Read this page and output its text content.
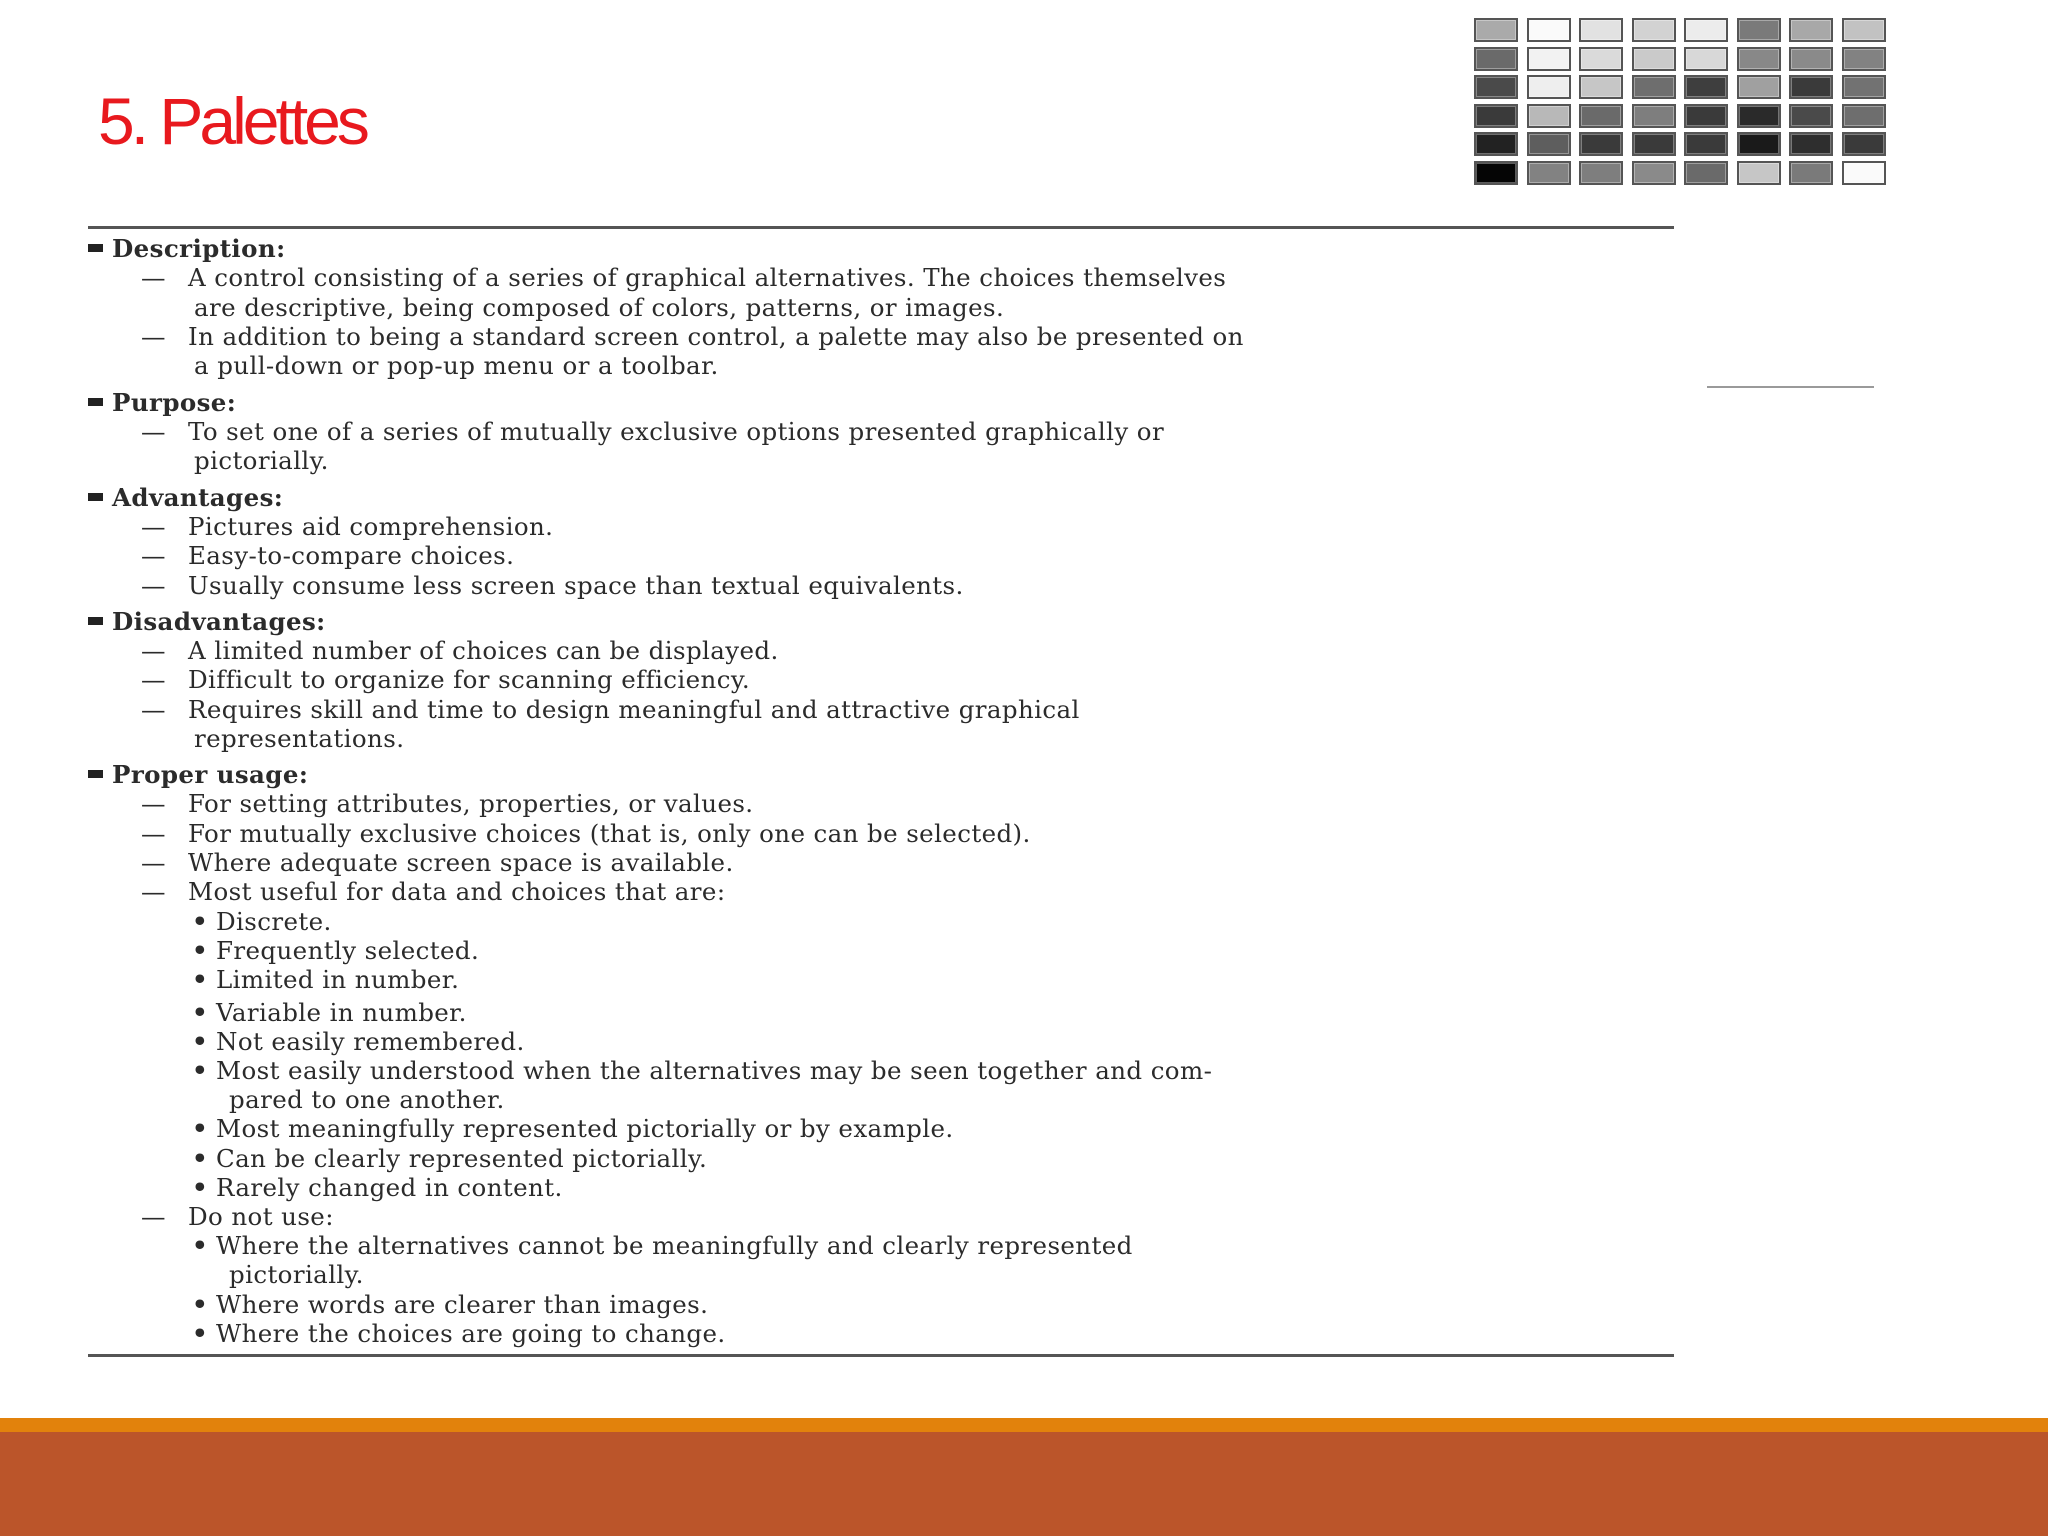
5. Palettes
Description:
— A control consisting of a series of graphical alternatives. The choices themselves
are descriptive, being composed of colors, patterns, or images.
— In addition to being a standard screen control, a palette may also be presented on
a pull-down or pop-up menu or a toolbar.
Purpose:
— To set one of a series of mutually exclusive options presented graphically or
pictorially.
Advantages:
— Pictures aid comprehension.
— Easy-to-compare choices.
— Usually consume less screen space than textual equivalents.
Disadvantages:
— A limited number of choices can be displayed.
— Difficult to organize for scanning efficiency.
— Requires skill and time to design meaningful and attractive graphical
representations.
Proper usage:
— For setting attributes, properties, or values.
— For mutually exclusive choices (that is, only one can be selected).
— Where adequate screen space is available.
— Most useful for data and choices that are:
• Discrete.
• Frequently selected.
• Limited in number.
• Variable in number.
• Not easily remembered.
• Most easily understood when the alternatives may be seen together and com-
pared to one another.
• Most meaningfully represented pictorially or by example.
• Can be clearly represented pictorially.
• Rarely changed in content.
— Do not use:
• Where the alternatives cannot be meaningfully and clearly represented
pictorially.
• Where words are clearer than images.
• Where the choices are going to change.
